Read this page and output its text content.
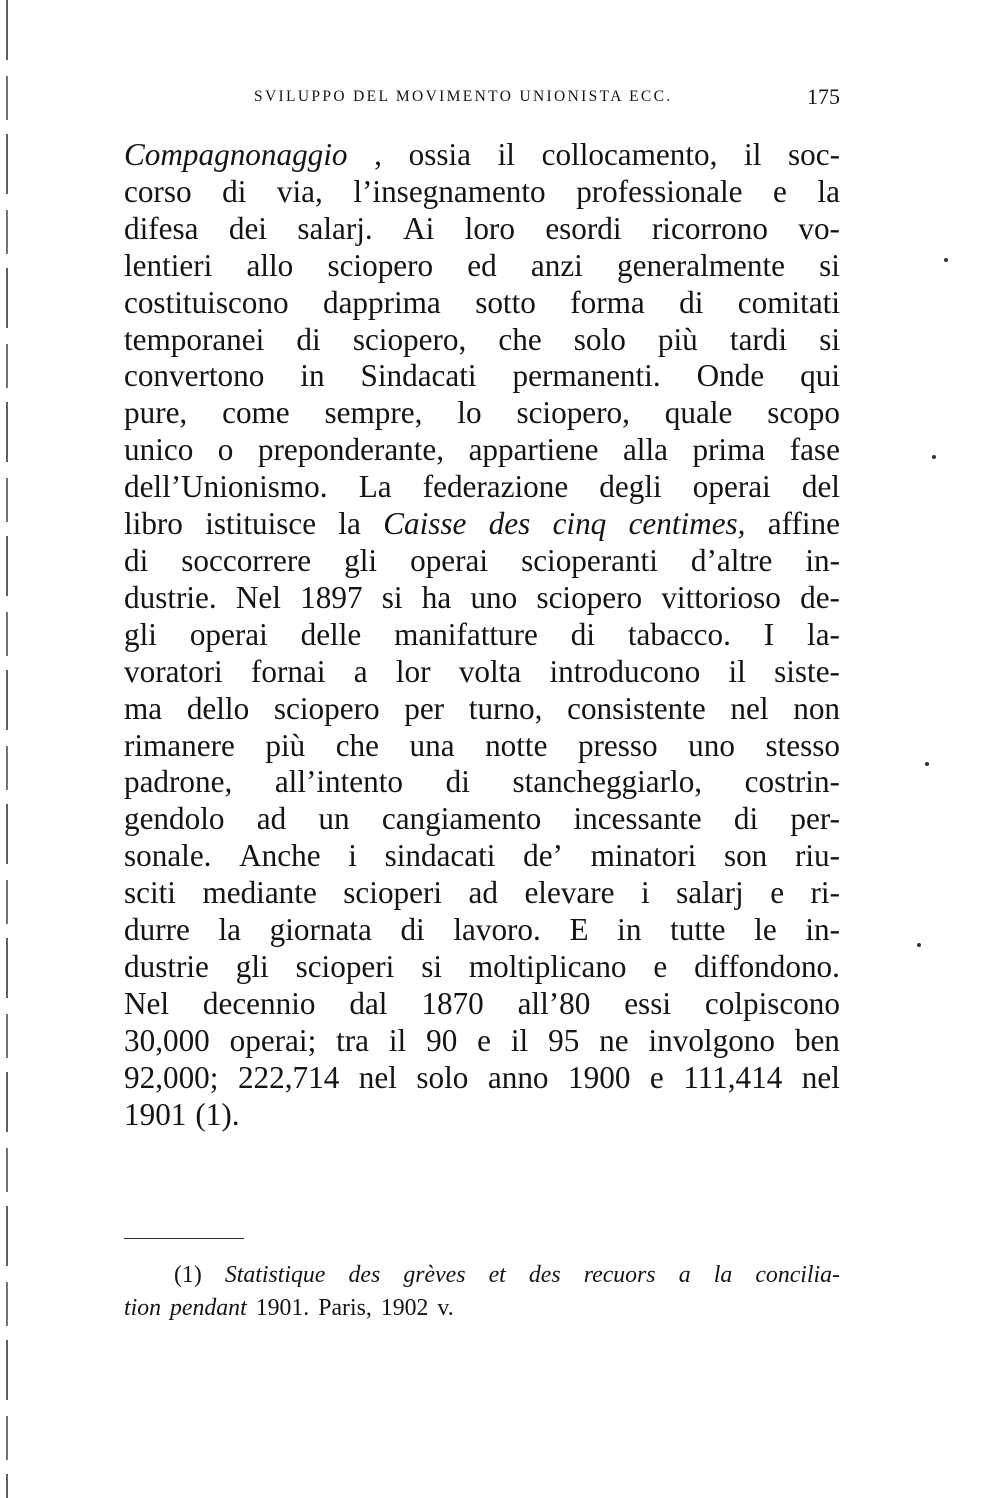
SVILUPPO DEL MOVIMENTO UNIONISTA ECC.	175
Compagnonaggio , ossia il collocamento, il soc-
corso di via, l’insegnamento professionale e la
difesa dei salarj. Ai loro esordi ricorrono vo-
lentieri allo sciopero ed anzi generalmente si
costituiscono dapprima sotto forma di comitati
temporanei di sciopero, che solo più tardi si
convertono in Sindacati permanenti. Onde qui
pure, come sempre, lo sciopero, quale scopo
unico o preponderante, appartiene alla prima fase
dell’Unionismo. La federazione degli operai del
libro istituisce la Caisse des cinq centimes, affine
di soccorrere gli operai scioperanti d’altre in-
dustrie. Nel 1897 si ha uno sciopero vittorioso de-
gli operai delle manifatture di tabacco. I la-
voratori fornai a lor volta introducono il siste-
ma dello sciopero per turno, consistente nel non
rimanere più che una notte presso uno stesso
padrone, all’intento di stancheggiarlo, costrin-
gendolo ad un cangiamento incessante di per-
sonale. Anche i sindacati de’ minatori son riu-
sciti mediante scioperi ad elevare i salarj e ri-
durre la giornata di lavoro. E in tutte le in-
dustrie gli scioperi si moltiplicano e diffondono.
Nel decennio dal 1870 all’80 essi colpiscono
30,000 operai; tra il 90 e il 95 ne involgono ben
92,000; 222,714 nel solo anno 1900 e 111,414 nel
1901 (1).
(1) Statistique des grèves et des recuors a la concilia-
tion pendant 1901. Paris, 1902 v.
